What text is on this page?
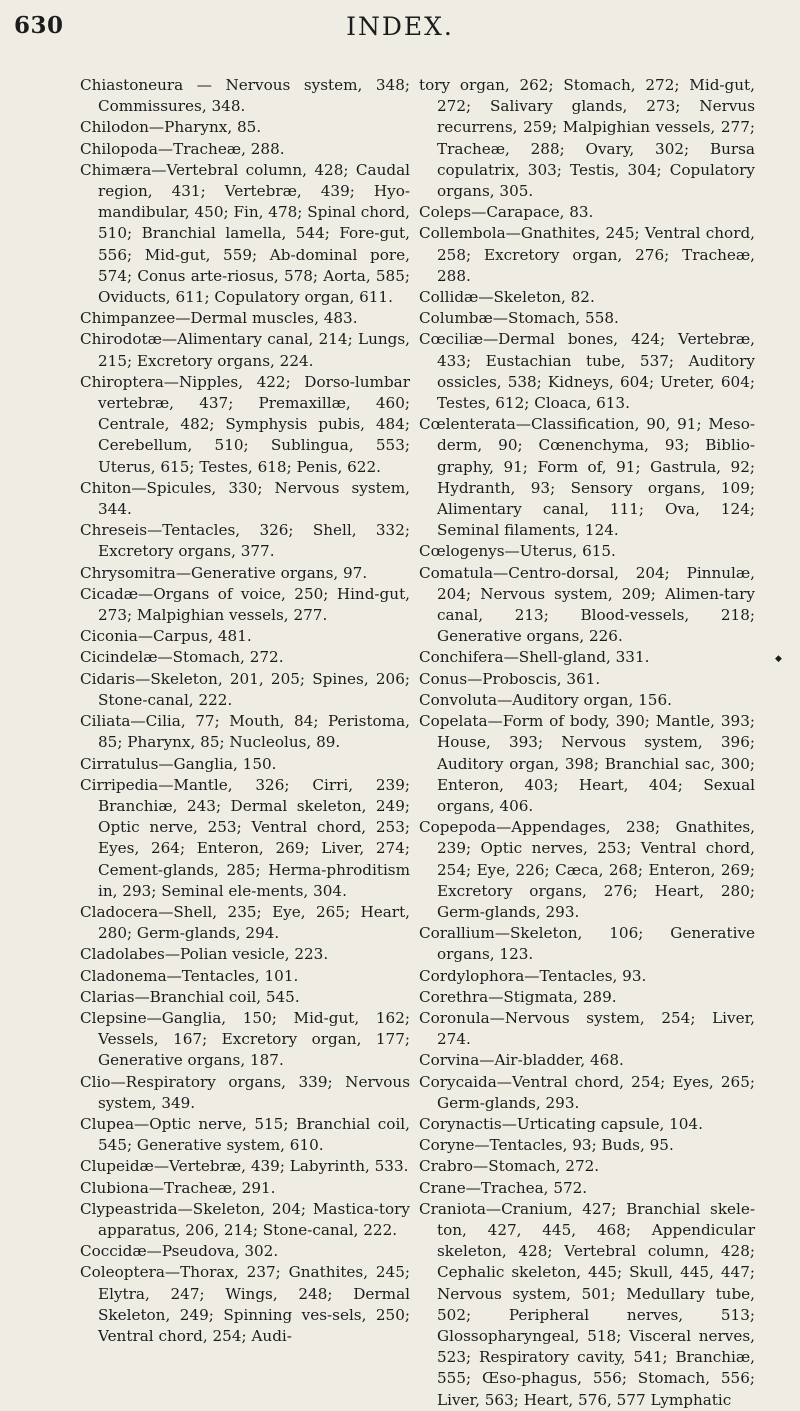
630	INDEX.

Chiastoneura — Nervous system, 348; Commissures, 348.

Chilodon—Pharynx, 85.

Chilopoda—Tracheæ, 288.

Chimæra—Vertebral column, 428; Caudal region, 431; Vertebræ, 439; Hyo-mandibular, 450; Fin, 478; Spinal chord, 510; Branchial lamella, 544; Fore-gut, 556; Mid-gut, 559; Ab-dominal pore, 574; Conus arte-riosus, 578; Aorta, 585; Oviducts, 611; Copulatory organ, 611.

Chimpanzee—Dermal muscles, 483.

Chirodotæ—Alimentary canal, 214; Lungs, 215; Excretory organs, 224.

Chiroptera—Nipples, 422; Dorso-lumbar vertebræ, 437; Premaxillæ, 460; Centrale, 482; Symphysis pubis, 484; Cerebellum, 510; Sublingua, 553; Uterus, 615; Testes, 618; Penis, 622.

Chiton—Spicules, 330; Nervous system, 344.

Chreseis—Tentacles, 326; Shell, 332; Excretory organs, 377.

Chrysomitra—Generative organs, 97.

Cicadæ—Organs of voice, 250; Hind-gut, 273; Malpighian vessels, 277.

Ciconia—Carpus, 481.

Cicindelæ—Stomach, 272.

Cidaris—Skeleton, 201, 205; Spines, 206; Stone-canal, 222.

Ciliata—Cilia, 77; Mouth, 84; Peristoma, 85; Pharynx, 85; Nucleolus, 89.

Cirratulus—Ganglia, 150.

Cirripedia—Mantle, 326; Cirri, 239; Branchiæ, 243; Dermal skeleton, 249; Optic nerve, 253; Ventral chord, 253; Eyes, 264; Enteron, 269; Liver, 274; Cement-glands, 285; Herma-phroditism in, 293; Seminal ele-ments, 304.

Cladocera—Shell, 235; Eye, 265; Heart, 280; Germ-glands, 294.

Cladolabes—Polian vesicle, 223.

Cladonema—Tentacles, 101.

Clarias—Branchial coil, 545.

Clepsine—Ganglia, 150; Mid-gut, 162; Vessels, 167; Excretory organ, 177; Generative organs, 187.

Clio—Respiratory organs, 339; Nervous system, 349.

Clupea—Optic nerve, 515; Branchial coil, 545; Generative system, 610.

Clupeidæ—Vertebræ, 439; Labyrinth, 533.

Clubiona—Tracheæ, 291.

Clypeastrida—Skeleton, 204; Mastica-tory apparatus, 206, 214; Stone-canal, 222.

Coccidæ—Pseudova, 302.

Coleoptera—Thorax, 237; Gnathites, 245; Elytra, 247; Wings, 248; Dermal Skeleton, 249; Spinning ves-sels, 250; Ventral chord, 254; Audi-

tory organ, 262; Stomach, 272; Mid-gut, 272; Salivary glands, 273; Nervus recurrens, 259; Malpighian vessels, 277; Tracheæ, 288; Ovary, 302; Bursa copulatrix, 303; Testis, 304; Copulatory organs, 305.

Coleps—Carapace, 83.

Collembola—Gnathites, 245; Ventral chord, 258; Excretory organ, 276; Tracheæ, 288.

Collidæ—Skeleton, 82.

Columbæ—Stomach, 558.

Cœciliæ—Dermal bones, 424; Vertebræ, 433; Eustachian tube, 537; Auditory ossicles, 538; Kidneys, 604; Ureter, 604; Testes, 612; Cloaca, 613.

Cœlenterata—Classification, 90, 91; Meso-derm, 90; Cœnenchyma, 93; Biblio-graphy, 91; Form of, 91; Gastrula, 92; Hydranth, 93; Sensory organs, 109; Alimentary canal, 111; Ova, 124; Seminal filaments, 124.

Cœlogenys—Uterus, 615.

Comatula—Centro-dorsal, 204; Pinnulæ, 204; Nervous system, 209; Alimen-tary canal, 213; Blood-vessels, 218; Generative organs, 226.

Conchifera—Shell-gland, 331.

Conus—Proboscis, 361.

Convoluta—Auditory organ, 156.

Copelata—Form of body, 390; Mantle, 393; House, 393; Nervous system, 396; Auditory organ, 398; Branchial sac, 300; Enteron, 403; Heart, 404; Sexual organs, 406.

Copepoda—Appendages, 238; Gnathites, 239; Optic nerves, 253; Ventral chord, 254; Eye, 226; Cæca, 268; Enteron, 269; Excretory organs, 276; Heart, 280; Germ-glands, 293.

Corallium—Skeleton, 106; Generative organs, 123.

Cordylophora—Tentacles, 93.

Corethra—Stigmata, 289.

Coronula—Nervous system, 254; Liver, 274.

Corvina—Air-bladder, 468.

Corycaida—Ventral chord, 254; Eyes, 265; Germ-glands, 293.

Corynactis—Urticating capsule, 104.

Coryne—Tentacles, 93; Buds, 95.

Crabro—Stomach, 272.

Crane—Trachea, 572.

Craniota—Cranium, 427; Branchial skele-ton, 427, 445, 468; Appendicular skeleton, 428; Vertebral column, 428; Cephalic skeleton, 445; Skull, 445, 447; Nervous system, 501; Medullary tube, 502; Peripheral nerves, 513; Glossopharyngeal, 518; Visceral nerves, 523; Respiratory cavity, 541; Branchiæ, 555; Œso-phagus, 556; Stomach, 556; Liver, 563; Heart, 576, 577 Lymphatic

◆
